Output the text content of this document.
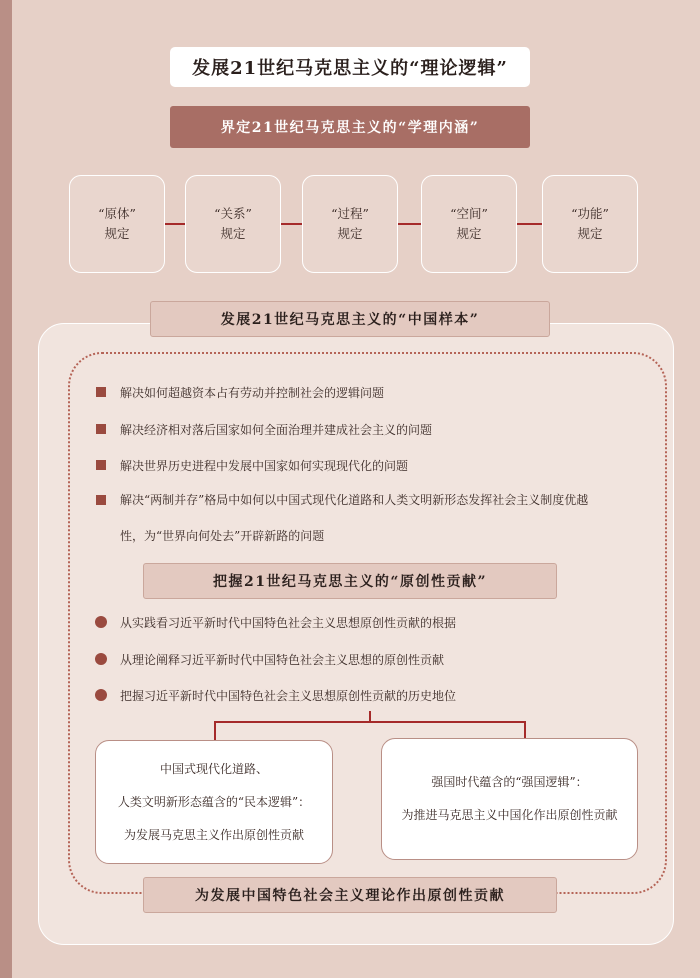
发展21世纪马克思主义的“理论逻辑”
界定21世纪马克思主义的“学理内涵”
“原体”
规定
“关系”
规定
“过程”
规定
“空间”
规定
“功能”
规定
发展21世纪马克思主义的“中国样本”
解决如何超越资本占有劳动并控制社会的逻辑问题
解决经济相对落后国家如何全面治理并建成社会主义的问题
解决世界历史进程中发展中国家如何实现现代化的问题
解决“两制并存”格局中如何以中国式现代化道路和人类文明新形态发挥社会主义制度优越
性，为“世界向何处去”开辟新路的问题
把握21世纪马克思主义的“原创性贡献”
从实践看习近平新时代中国特色社会主义思想原创性贡献的根据
从理论阐释习近平新时代中国特色社会主义思想的原创性贡献
把握习近平新时代中国特色社会主义思想原创性贡献的历史地位
中国式现代化道路、
人类文明新形态蕴含的“民本逻辑”：
为发展马克思主义作出原创性贡献
强国时代蕴含的“强国逻辑”：
为推进马克思主义中国化作出原创性贡献
为发展中国特色社会主义理论作出原创性贡献
